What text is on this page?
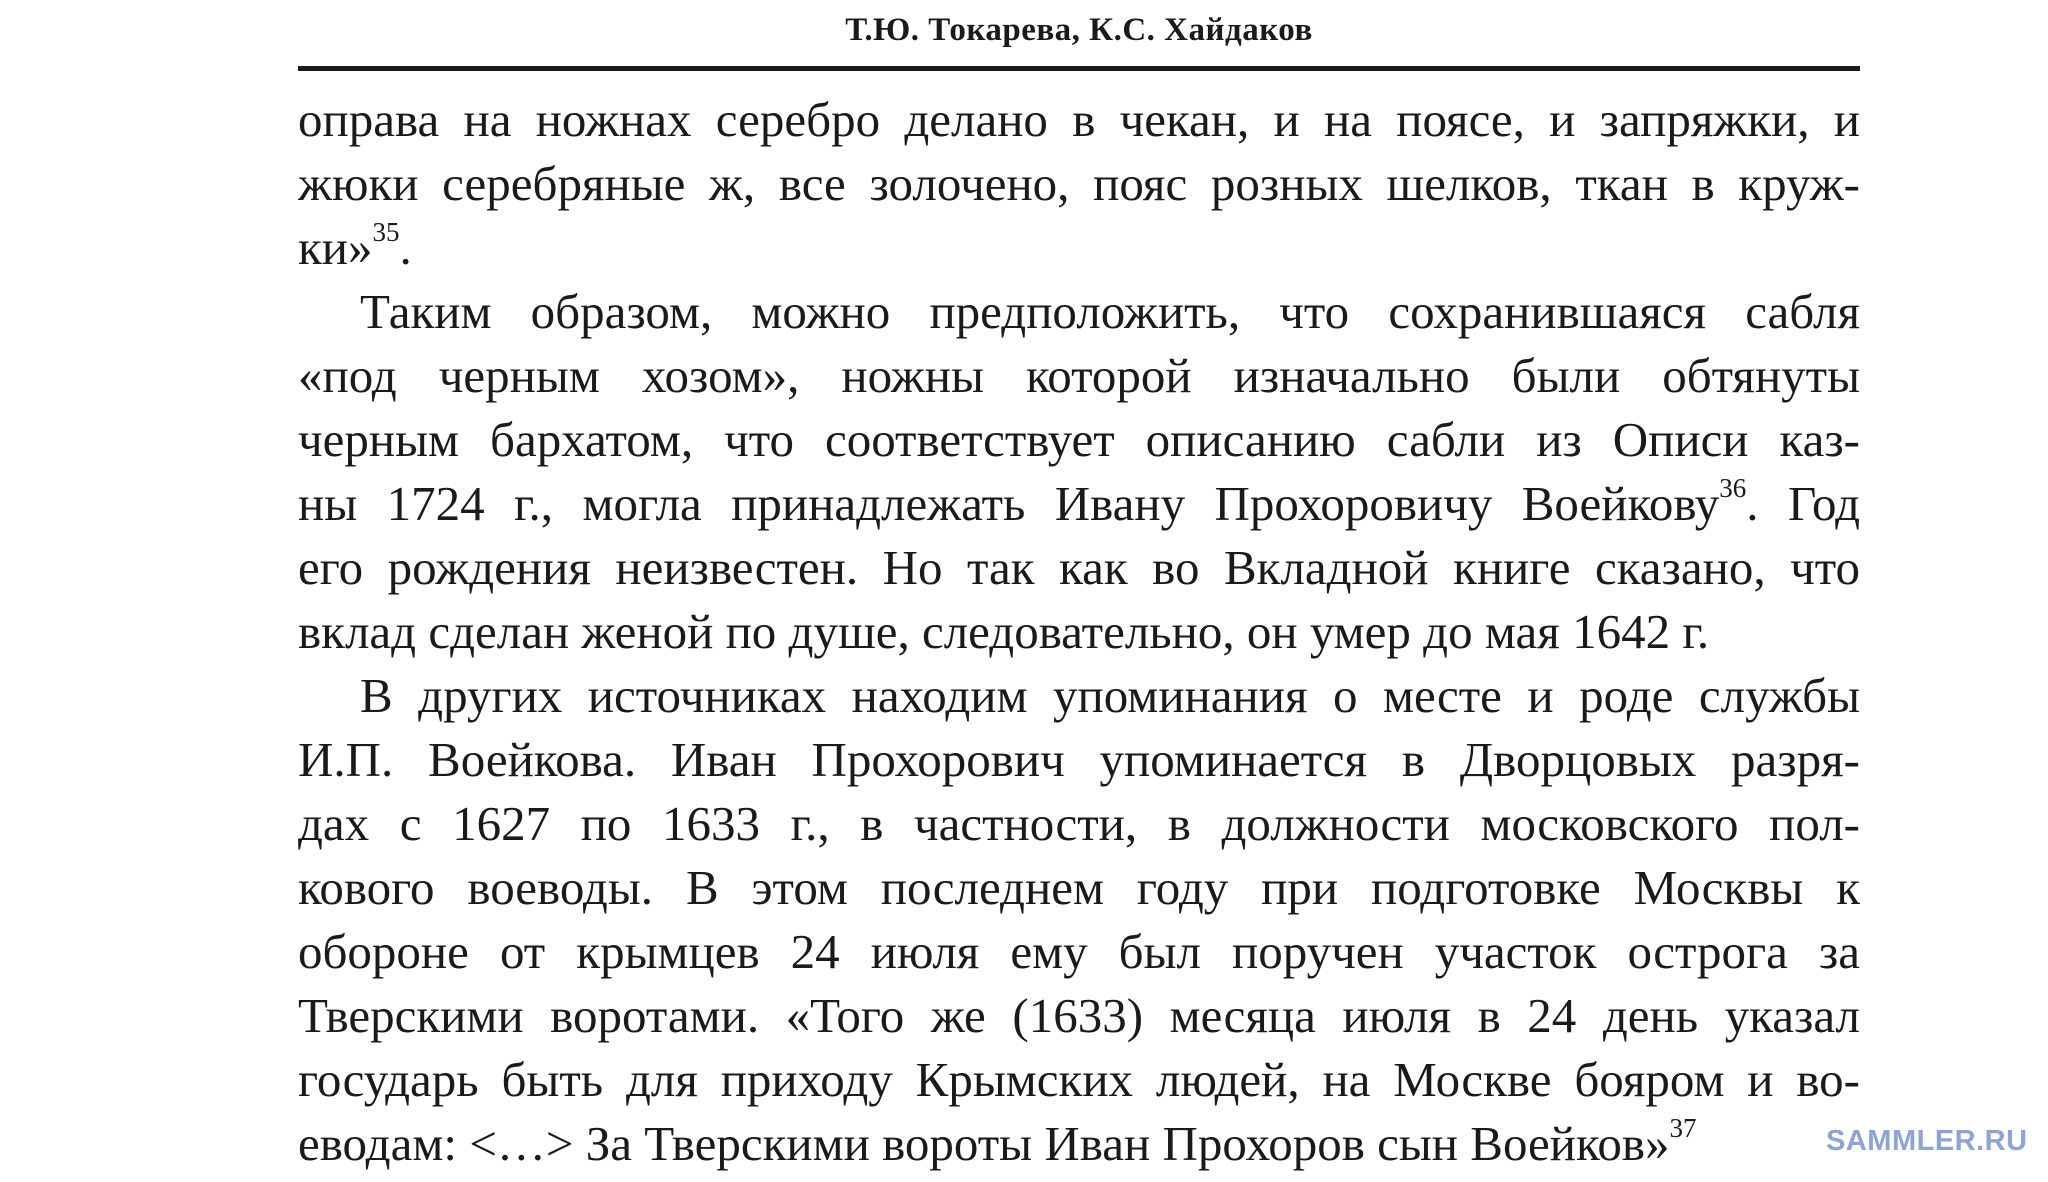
Т.Ю. Токарева, К.С. Хайдаков
оправа на ножнах серебро делано в чекан, и на поясе, и запряжки, и
жюки серебряные ж, все золочено, пояс розных шелков, ткан в круж-
ки»$^{35}$.
Таким образом, можно предположить, что сохранившаяся сабля
«под черным хозом», ножны которой изначально были обтянуты
черным бархатом, что соответствует описанию сабли из Описи каз-
ны 1724 г., могла принадлежать Ивану Прохоровичу Воейкову$^{36}$. Год
его рождения неизвестен. Но так как во Вкладной книге сказано, что
вклад сделан женой по душе, следовательно, он умер до мая 1642 г.
В других источниках находим упоминания о месте и роде службы
И.П. Воейкова. Иван Прохорович упоминается в Дворцовых разря-
дах с 1627 по 1633 г., в частности, в должности московского пол-
кового воеводы. В этом последнем году при подготовке Москвы к
обороне от крымцев 24 июля ему был поручен участок острога за
Тверскими воротами. «Того же (1633) месяца июля в 24 день указал
государь быть для приходу Крымских людей, на Москве бояром и во-
еводам: <…> За Тверскими вороты Иван Прохоров сын Воейков»$^{37}$	SAMMLER.RU
